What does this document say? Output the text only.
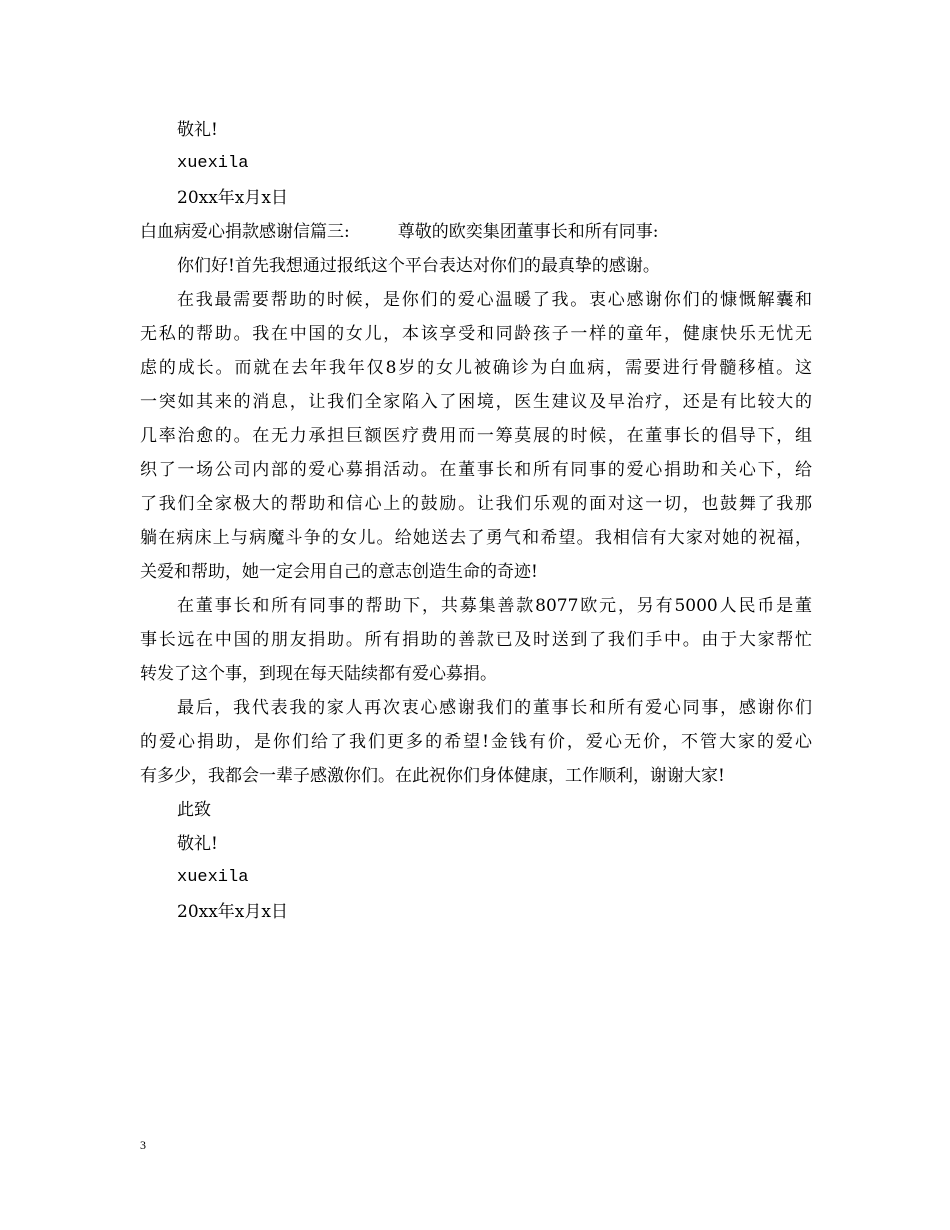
敬礼!
xuexila
20xx年x月x日
白血病爱心捐款感谢信篇三:	尊敬的欧奕集团董事长和所有同事:
你们好!首先我想通过报纸这个平台表达对你们的最真挚的感谢。
在我最需要帮助的时候，是你们的爱心温暖了我。衷心感谢你们的慷慨解囊和
无私的帮助。我在中国的女儿，本该享受和同龄孩子一样的童年，健康快乐无忧无
虑的成长。而就在去年我年仅8岁的女儿被确诊为白血病，需要进行骨髓移植。这
一突如其来的消息，让我们全家陷入了困境，医生建议及早治疗，还是有比较大的
几率治愈的。在无力承担巨额医疗费用而一筹莫展的时候，在董事长的倡导下，组
织了一场公司内部的爱心募捐活动。在董事长和所有同事的爱心捐助和关心下，给
了我们全家极大的帮助和信心上的鼓励。让我们乐观的面对这一切，也鼓舞了我那
躺在病床上与病魔斗争的女儿。给她送去了勇气和希望。我相信有大家对她的祝福，
关爱和帮助，她一定会用自己的意志创造生命的奇迹!
在董事长和所有同事的帮助下，共募集善款8077欧元，另有5000人民币是董
事长远在中国的朋友捐助。所有捐助的善款已及时送到了我们手中。由于大家帮忙
转发了这个事，到现在每天陆续都有爱心募捐。
最后，我代表我的家人再次衷心感谢我们的董事长和所有爱心同事，感谢你们
的爱心捐助，是你们给了我们更多的希望!金钱有价，爱心无价，不管大家的爱心
有多少，我都会一辈子感激你们。在此祝你们身体健康，工作顺利，谢谢大家!
此致
敬礼!
xuexila
20xx年x月x日
3
